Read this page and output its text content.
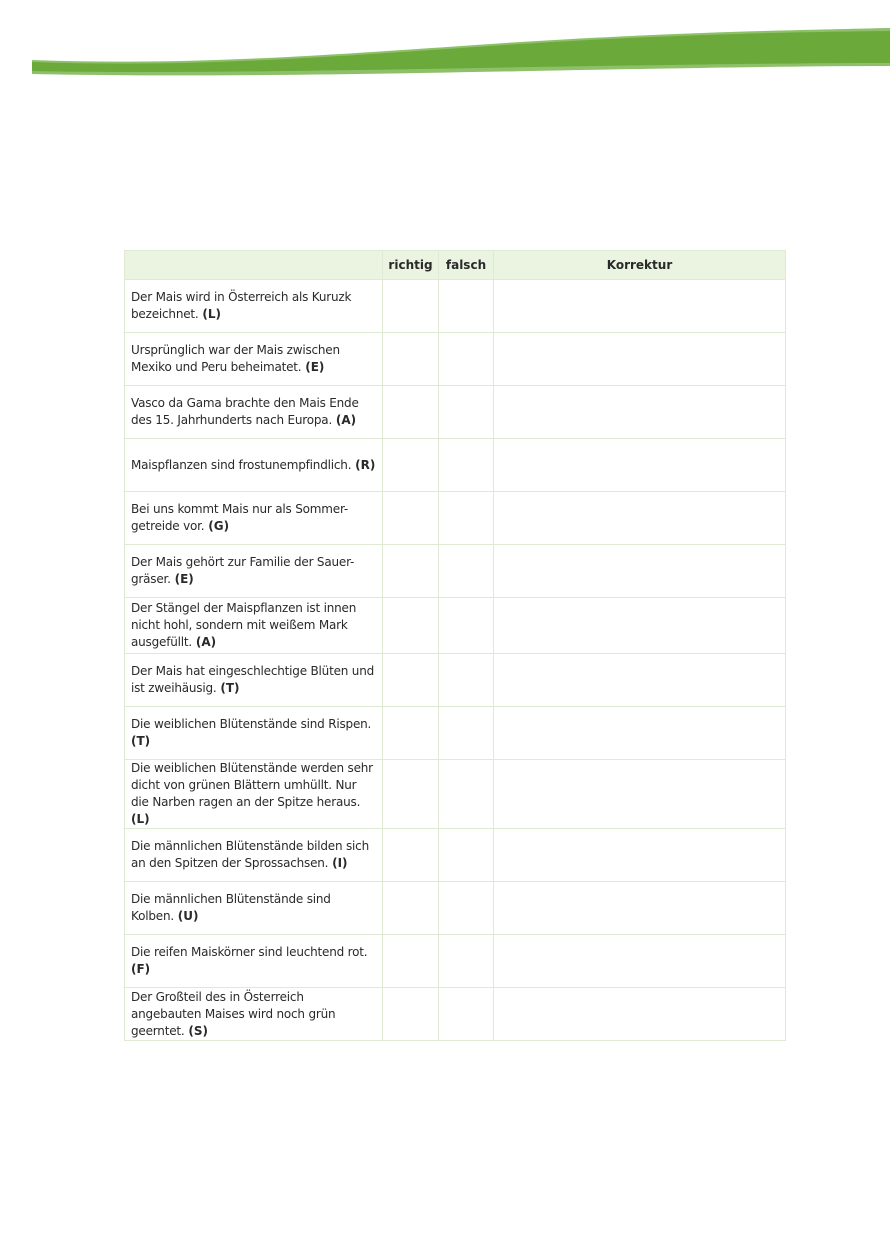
	richtig	falsch	Korrektur
Der Mais wird in Österreich als Kuruzk bezeichnet. (L)			
Ursprünglich war der Mais zwischen Mexiko und Peru beheimatet. (E)			
Vasco da Gama brachte den Mais Ende des 15. Jahrhunderts nach Europa. (A)			
Maispflanzen sind frostunempfindlich. (R)			
Bei uns kommt Mais nur als Sommer-getreide vor. (G)			
Der Mais gehört zur Familie der Sauer-gräser. (E)			
Der Stängel der Maispflanzen ist innen nicht hohl, sondern mit weißem Mark ausgefüllt. (A)			
Der Mais hat eingeschlechtige Blüten und ist zweihäusig. (T)			
Die weiblichen Blütenstände sind Rispen. (T)			
Die weiblichen Blütenstände werden sehr dicht von grünen Blättern umhüllt. Nur die Narben ragen an der Spitze heraus. (L)			
Die männlichen Blütenstände bilden sich an den Spitzen der Sprossachsen. (I)			
Die männlichen Blütenstände sind Kolben. (U)			
Die reifen Maiskörner sind leuchtend rot. (F)			
Der Großteil des in Österreich angebauten Maises wird noch grün geerntet. (S)			
